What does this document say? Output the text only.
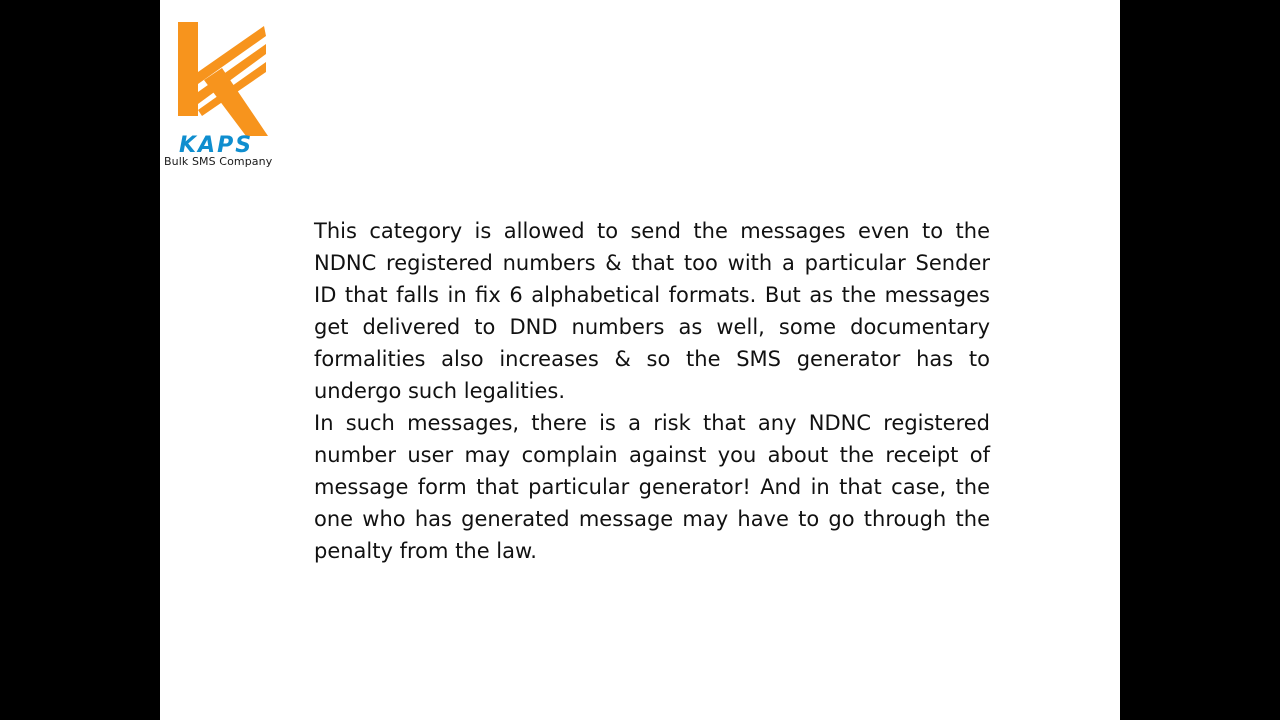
KAPS
Bulk SMS Company

This category is allowed to send the messages even to the NDNC registered numbers & that too with a particular Sender ID that falls in fix 6 alphabetical formats. But as the messages get delivered to DND numbers as well, some documentary formalities also increases & so the SMS generator has to undergo such legalities.

In such messages, there is a risk that any NDNC registered number user may complain against you about the receipt of message form that particular generator! And in that case, the one who has generated message may have to go through the penalty from the law.
